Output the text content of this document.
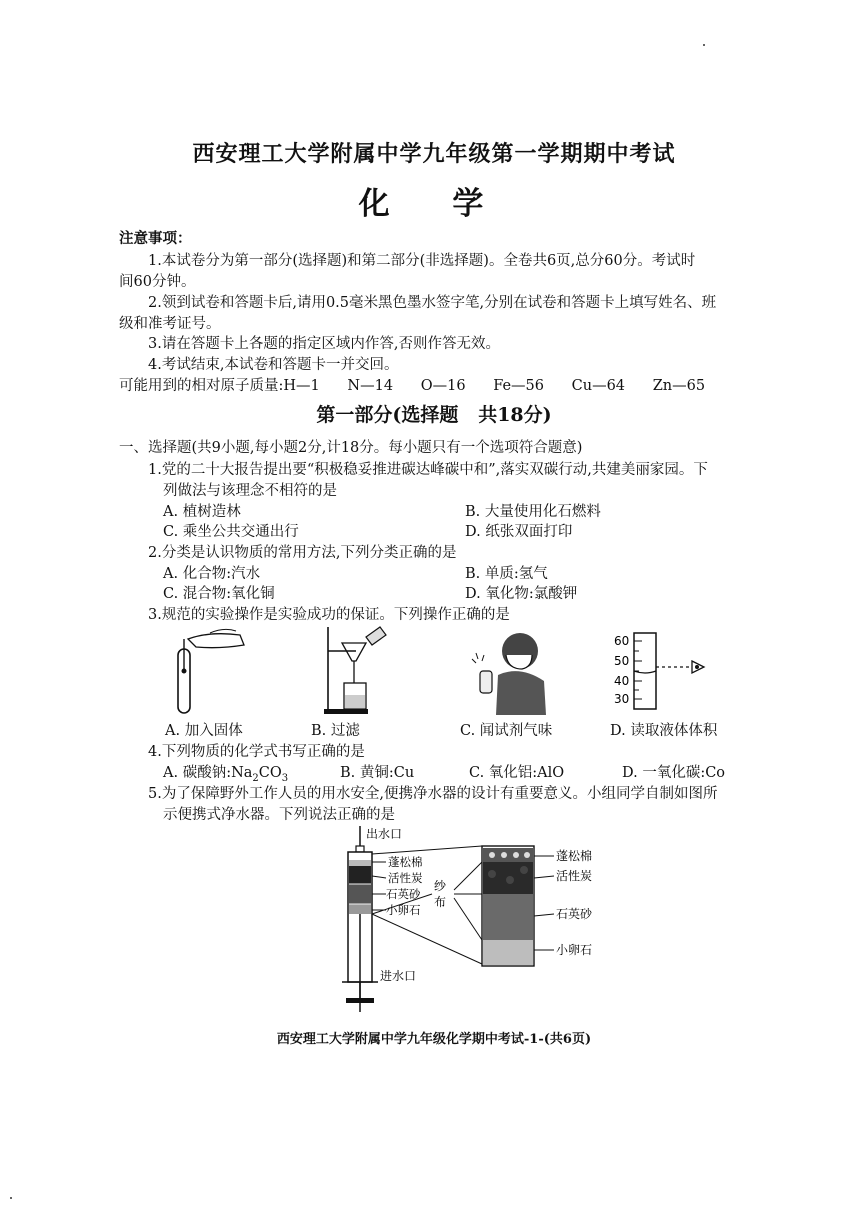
西安理工大学附属中学九年级第一学期期中考试
化 学
注意事项：
1.本试卷分为第一部分(选择题)和第二部分(非选择题)。全卷共6页,总分60分。考试时
间60分钟。
2.领到试卷和答题卡后,请用0.5毫米黑色墨水签字笔,分别在试卷和答题卡上填写姓名、班
级和准考证号。
3.请在答题卡上各题的指定区域内作答,否则作答无效。
4.考试结束,本试卷和答题卡一并交回。
可能用到的相对原子质量:H—1      N—14      O—16      Fe—56      Cu—64      Zn—65
第一部分(选择题   共18分)
一、选择题(共9小题,每小题2分,计18分。每小题只有一个选项符合题意)
1.党的二十大报告提出要“积极稳妥推进碳达峰碳中和”,落实双碳行动,共建美丽家园。下
列做法与该理念不相符的是
A. 植树造林	B. 大量使用化石燃料
C. 乘坐公共交通出行	D. 纸张双面打印
2.分类是认识物质的常用方法,下列分类正确的是
A. 化合物:汽水	B. 单质:氢气
C. 混合物:氧化铜	D. 氧化物:氯酸钾
3.规范的实验操作是实验成功的保证。下列操作正确的是
60
50
40
30
A. 加入固体	B. 过滤	C. 闻试剂气味	D. 读取液体体积
4.下列物质的化学式书写正确的是
A. 碳酸钠$:Na_2CO_3$	B. 黄铜:Cu	C. 氧化铝:AlO	D. 一氧化碳:Co
5.为了保障野外工作人员的用水安全,便携净水器的设计有重要意义。小组同学自制如图所
示便携式净水器。下列说法正确的是
出水口
进水口
蓬松棉
活性炭
石英砂
小卵石
纱
布
蓬松棉
活性炭
石英砂
小卵石
西安理工大学附属中学九年级化学期中考试-1-(共6页)
